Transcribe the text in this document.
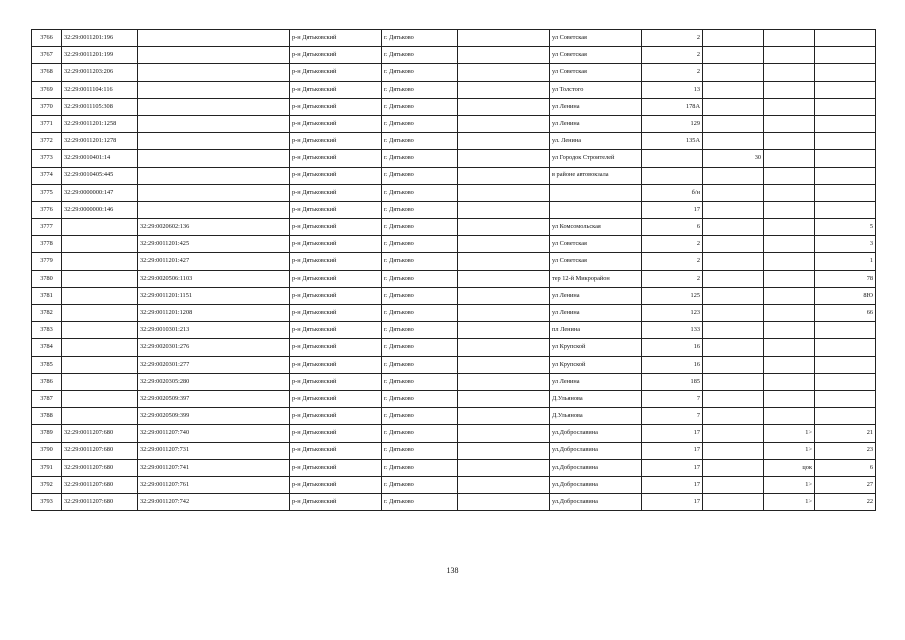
3766	32:29:0011201:196		р-н Дятьковский	г. Дятьково		ул Советская	2			
3767	32:29:0011201:199		р-н Дятьковский	г. Дятьково		ул Советская	2			
3768	32:29:0011203:206		р-н Дятьковский	г. Дятьково		ул Советская	2			
3769	32:29:0011104:116		р-н Дятьковский	г. Дятьково		ул Толстого	13			
3770	32:29:0011105:308		р-н Дятьковский	г. Дятьково		ул Ленина	178А			
3771	32:29:0011201:1258		р-н Дятьковский	г. Дятьково		ул Ленина	129			
3772	32:29:0011201:1278		р-н Дятьковский	г. Дятьково		ул. Ленина	135А			
3773	32:29:0010401:14		р-н Дятьковский	г. Дятьково		ул Городок Строителей		30		
3774	32:29:0010405:445		р-н Дятьковский	г. Дятьково		в районе автовокзала				
3775	32:29:0000000:147		р-н Дятьковский	г. Дятьково			б/н			
3776	32:29:0000000:146		р-н Дятьковский	г. Дятьково			17			
3777		32:29:0020602:136	р-н Дятьковский	г. Дятьково		ул Комсомольская	6			5
3778		32:29:0011201:425	р-н Дятьковский	г. Дятьково		ул Советская	2			3
3779		32:29:0011201:427	р-н Дятьковский	г. Дятьково		ул Советская	2			1
3780		32:29:0020506:1103	р-н Дятьковский	г. Дятьково		тер 12-й Микрорайон	2			78
3781		32:29:0011201:1151	р-н Дятьковский	г. Дятьково		ул Ленина	125			8Ю
3782		32:29:0011201:1208	р-н Дятьковский	г. Дятьково		ул Ленина	123			66
3783		32:29:0010301:213	р-н Дятьковский	г. Дятьково		пл Ленина	133			
3784		32:29:0020301:276	р-н Дятьковский	г. Дятьково		ул Крупской	16			
3785		32:29:0020301:277	р-н Дятьковский	г. Дятьково		ул Крупской	16			
3786		32:29:0020305:280	р-н Дятьковский	г. Дятьково		ул Ленина	185			
3787		32:29:0020509:397	р-н Дятьковский	г. Дятьково		Д.Ульянова	7			
3788		32:29:0020509:399	р-н Дятьковский	г. Дятьково		Д.Ульянова	7			
3789	32:29:0011207:680	32:29:0011207:740	р-н Дятьковский	г. Дятьково		ул.Доброславина	17		1>	21
3790	32:29:0011207:680	32:29:0011207:731	р-н Дятьковский	г. Дятьково		ул.Доброславина	17		1>	23
3791	32:29:0011207:680	32:29:0011207:741	р-н Дятьковский	г. Дятьково		ул.Доброславина	17		цок	6
3792	32:29:0011207:680	32:29:0011207:761	р-н Дятьковский	г. Дятьково		ул.Доброславина	17		1>	27
3793	32:29:0011207:680	32:29:0011207:742	р-н Дятьковский	г. Дятьково		ул.Доброславина	17		1>	22
138
